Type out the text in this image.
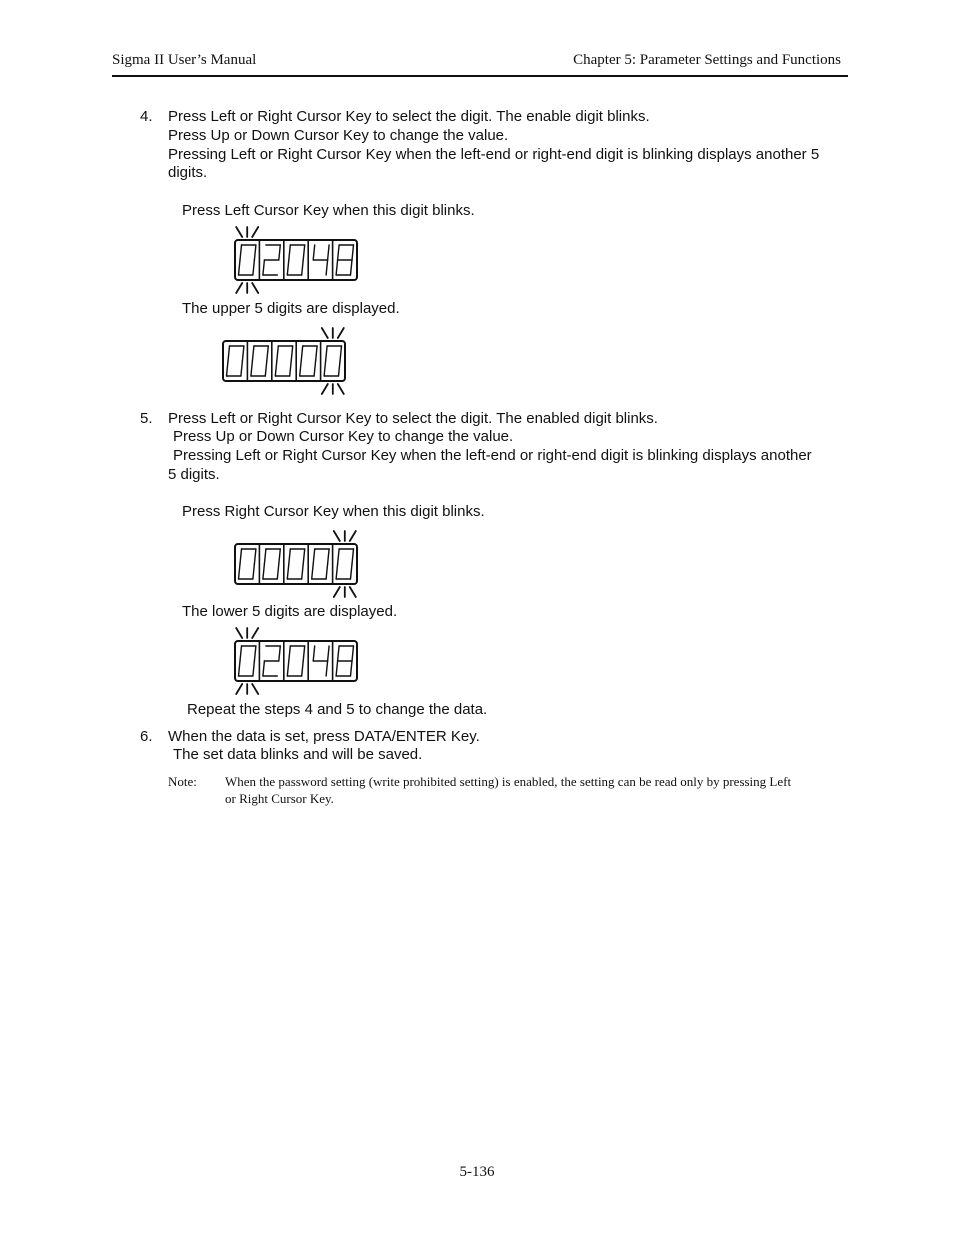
Sigma II User’s Manual	Chapter 5: Parameter Settings and Functions
4. Press Left or Right Cursor Key to select the digit. The enable digit blinks.
Press Up or Down Cursor Key to change the value.
Pressing Left or Right Cursor Key when the left-end or right-end digit is blinking displays another 5
digits.
Press Left Cursor Key when this digit blinks.
The upper 5 digits are displayed.
5. Press Left or Right Cursor Key to select the digit. The enabled digit blinks.
Press Up or Down Cursor Key to change the value.
Pressing Left or Right Cursor Key when the left-end or right-end digit is blinking displays another
5 digits.
Press Right Cursor Key when this digit blinks.
The lower 5 digits are displayed.
Repeat the steps 4 and 5 to change the data.
6. When the data is set, press DATA/ENTER Key.
The set data blinks and will be saved.
Note: When the password setting (write prohibited setting) is enabled, the setting can be read only by pressing Left
or Right Cursor Key.
5-136
